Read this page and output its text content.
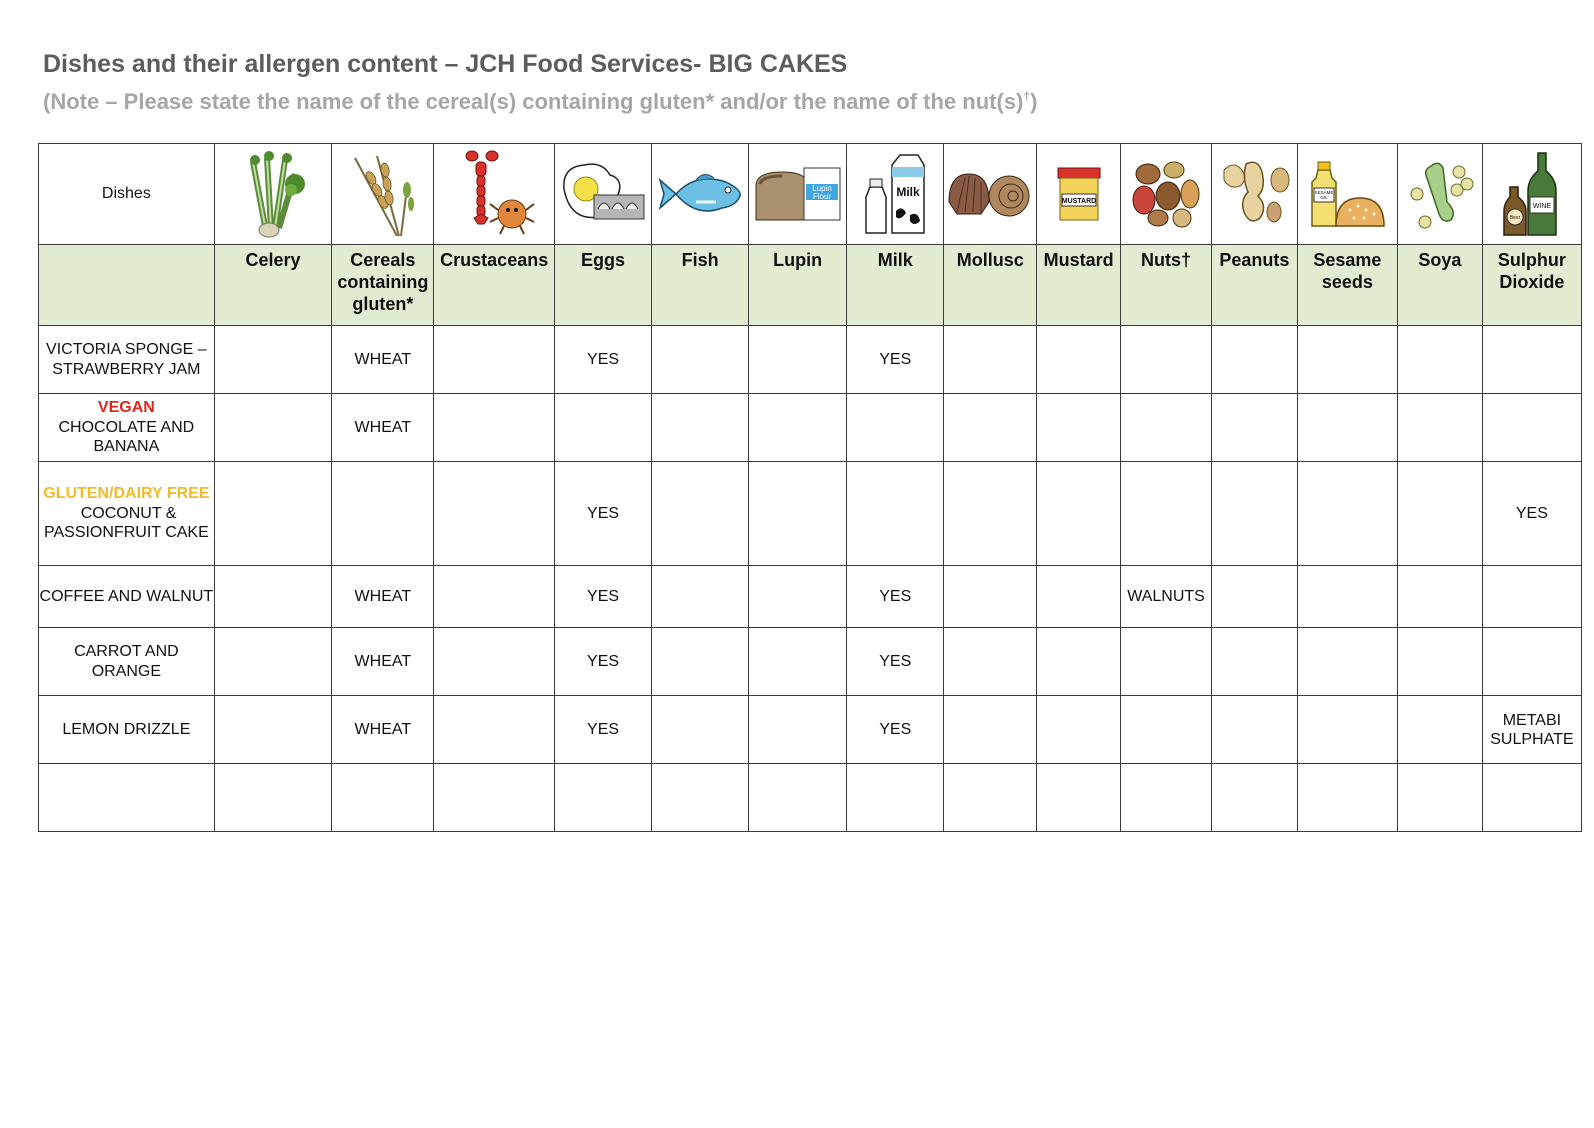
Dishes and their allergen content – JCH Food Services- BIG CAKES
(Note – Please state the name of the cereal(s) containing gluten* and/or the name of the nut(s)†)
Dishes						Lupin
Flour	Milk		MUSTARD			SESAME
OIL		WINE
Beer

	Celery	Cereals containing gluten*	Crustaceans	Eggs	Fish	Lupin	Milk	Mollusc	Mustard	Nuts†	Peanuts	Sesame seeds	Soya	Sulphur Dioxide
VICTORIA SPONGE – STRAWBERRY JAM		WHEAT		YES			YES							
VEGAN
CHOCOLATE AND BANANA		WHEAT												
GLUTEN/DAIRY FREE
COCONUT & PASSIONFRUIT CAKE				YES										YES
COFFEE AND WALNUT		WHEAT		YES			YES			WALNUTS				
CARROT AND ORANGE		WHEAT		YES			YES							
LEMON DRIZZLE		WHEAT		YES			YES							METABI SULPHATE
